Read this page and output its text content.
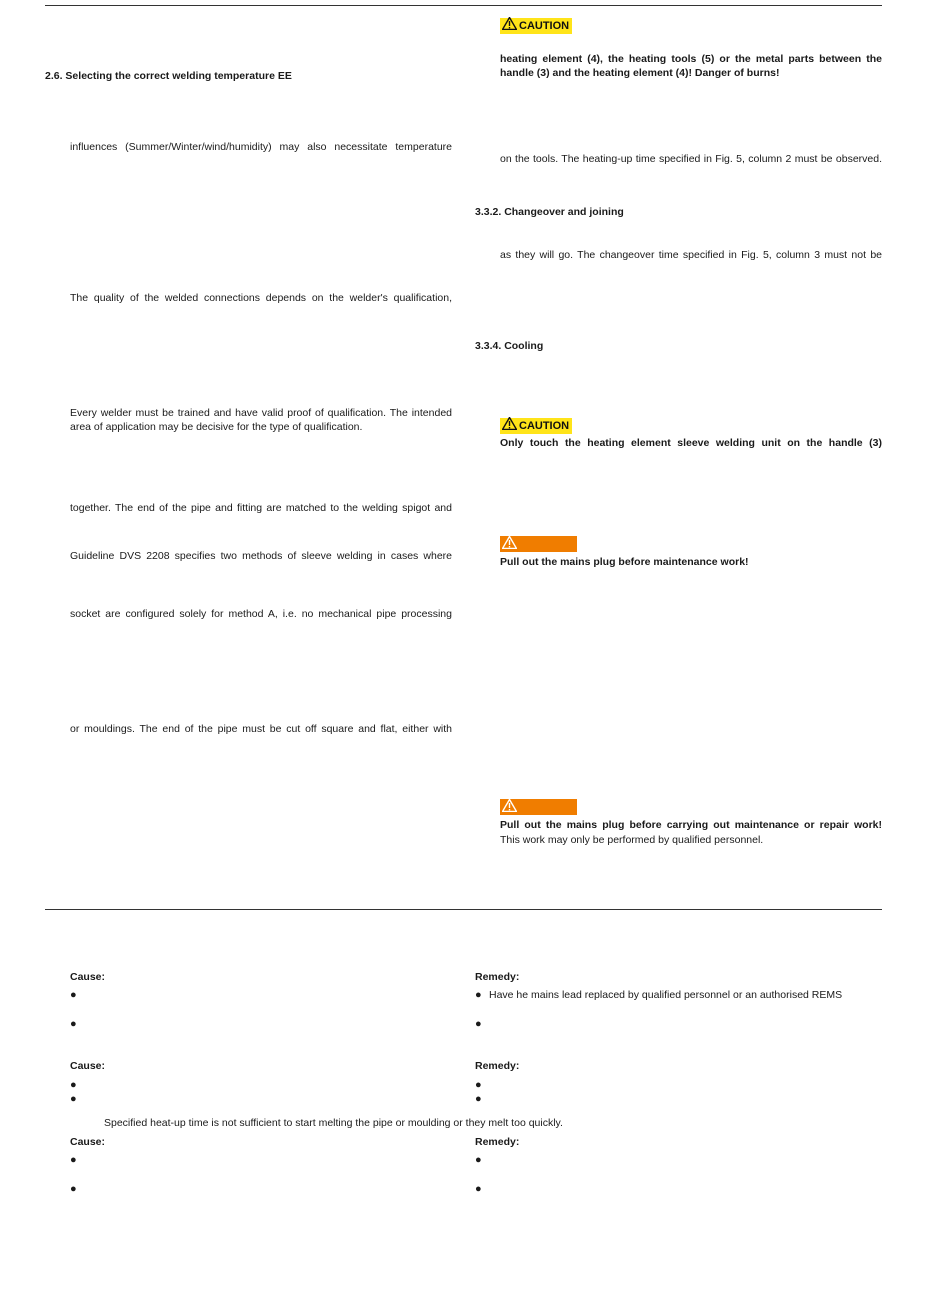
2.6. Selecting the correct welding temperature EE
influences (Summer/Winter/wind/humidity) may also necessitate temperature
The quality of the welded connections depends on the welder's qualification,
Every welder must be trained and have valid proof of qualification. The intended
area of application may be decisive for the type of qualification.
together. The end of the pipe and fitting are matched to the welding spigot and
Guideline DVS 2208 specifies two methods of sleeve welding in cases where
socket are configured solely for method A, i.e. no mechanical pipe processing
or mouldings. The end of the pipe must be cut off square and flat, either with
CAUTION
heating element (4), the heating tools (5) or the metal parts between the
handle (3) and the heating element (4)! Danger of burns!
on the tools. The heating-up time specified in Fig. 5, column 2 must be observed.
3.3.2. Changeover and joining
as they will go. The changeover time specified in Fig. 5, column 3 must not be
3.3.4. Cooling
CAUTION
Only touch the heating element sleeve welding unit on the handle (3)
Pull out the mains plug before maintenance work!
Pull out the mains plug before carrying out maintenance or repair work!
This work may only be performed by qualified personnel.
Cause:	Remedy:
●	● Have he mains lead replaced by qualified personnel or an authorised REMS
●	●
Cause:	Remedy:
●	●
●	●
Specified heat-up time is not sufficient to start melting the pipe or moulding or they melt too quickly.
Cause:	Remedy:
●	●
●	●
